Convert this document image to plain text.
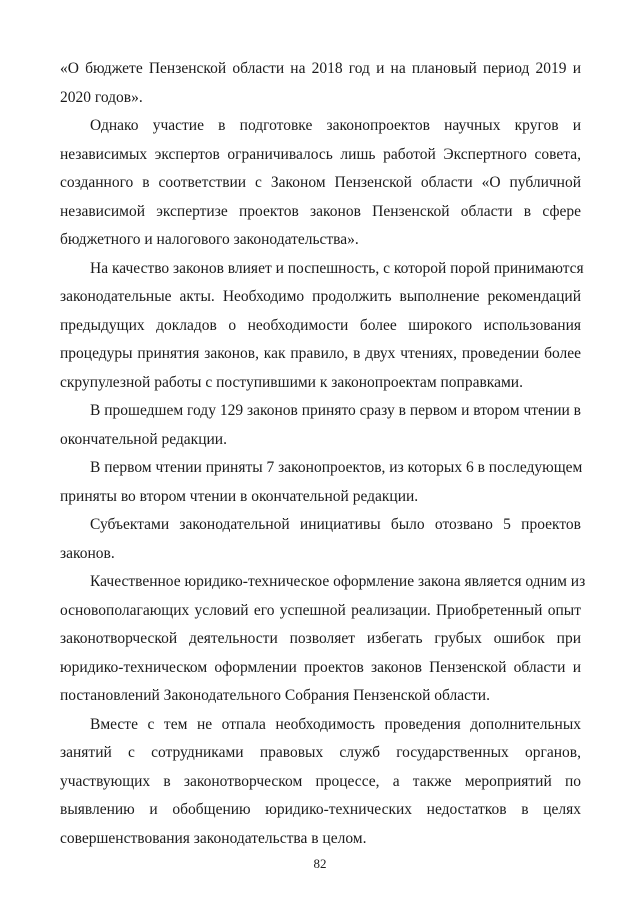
«О бюджете Пензенской области на 2018 год и на плановый период 2019 и
2020 годов».
Однако участие в подготовке законопроектов научных кругов и
независимых экспертов ограничивалось лишь работой Экспертного совета,
созданного в соответствии с Законом Пензенской области «О публичной
независимой экспертизе проектов законов Пензенской области в сфере
бюджетного и налогового законодательства».
На качество законов влияет и поспешность, с которой порой принимаются
законодательные акты. Необходимо продолжить выполнение рекомендаций
предыдущих докладов о необходимости более широкого использования
процедуры принятия законов, как правило, в двух чтениях, проведении более
скрупулезной работы с поступившими к законопроектам поправками.
В прошедшем году 129 законов принято сразу в первом и втором чтении в
окончательной редакции.
В первом чтении приняты 7 законопроектов, из которых 6 в последующем
приняты во втором чтении в окончательной редакции.
Субъектами законодательной инициативы было отозвано 5 проектов
законов.
Качественное юридико-техническое оформление закона является одним из
основополагающих условий его успешной реализации. Приобретенный опыт
законотворческой деятельности позволяет избегать грубых ошибок при
юридико-техническом оформлении проектов законов Пензенской области и
постановлений Законодательного Собрания Пензенской области.
Вместе с тем не отпала необходимость проведения дополнительных
занятий с сотрудниками правовых служб государственных органов,
участвующих в законотворческом процессе, а также мероприятий по
выявлению и обобщению юридико-технических недостатков в целях
совершенствования законодательства в целом.
82
